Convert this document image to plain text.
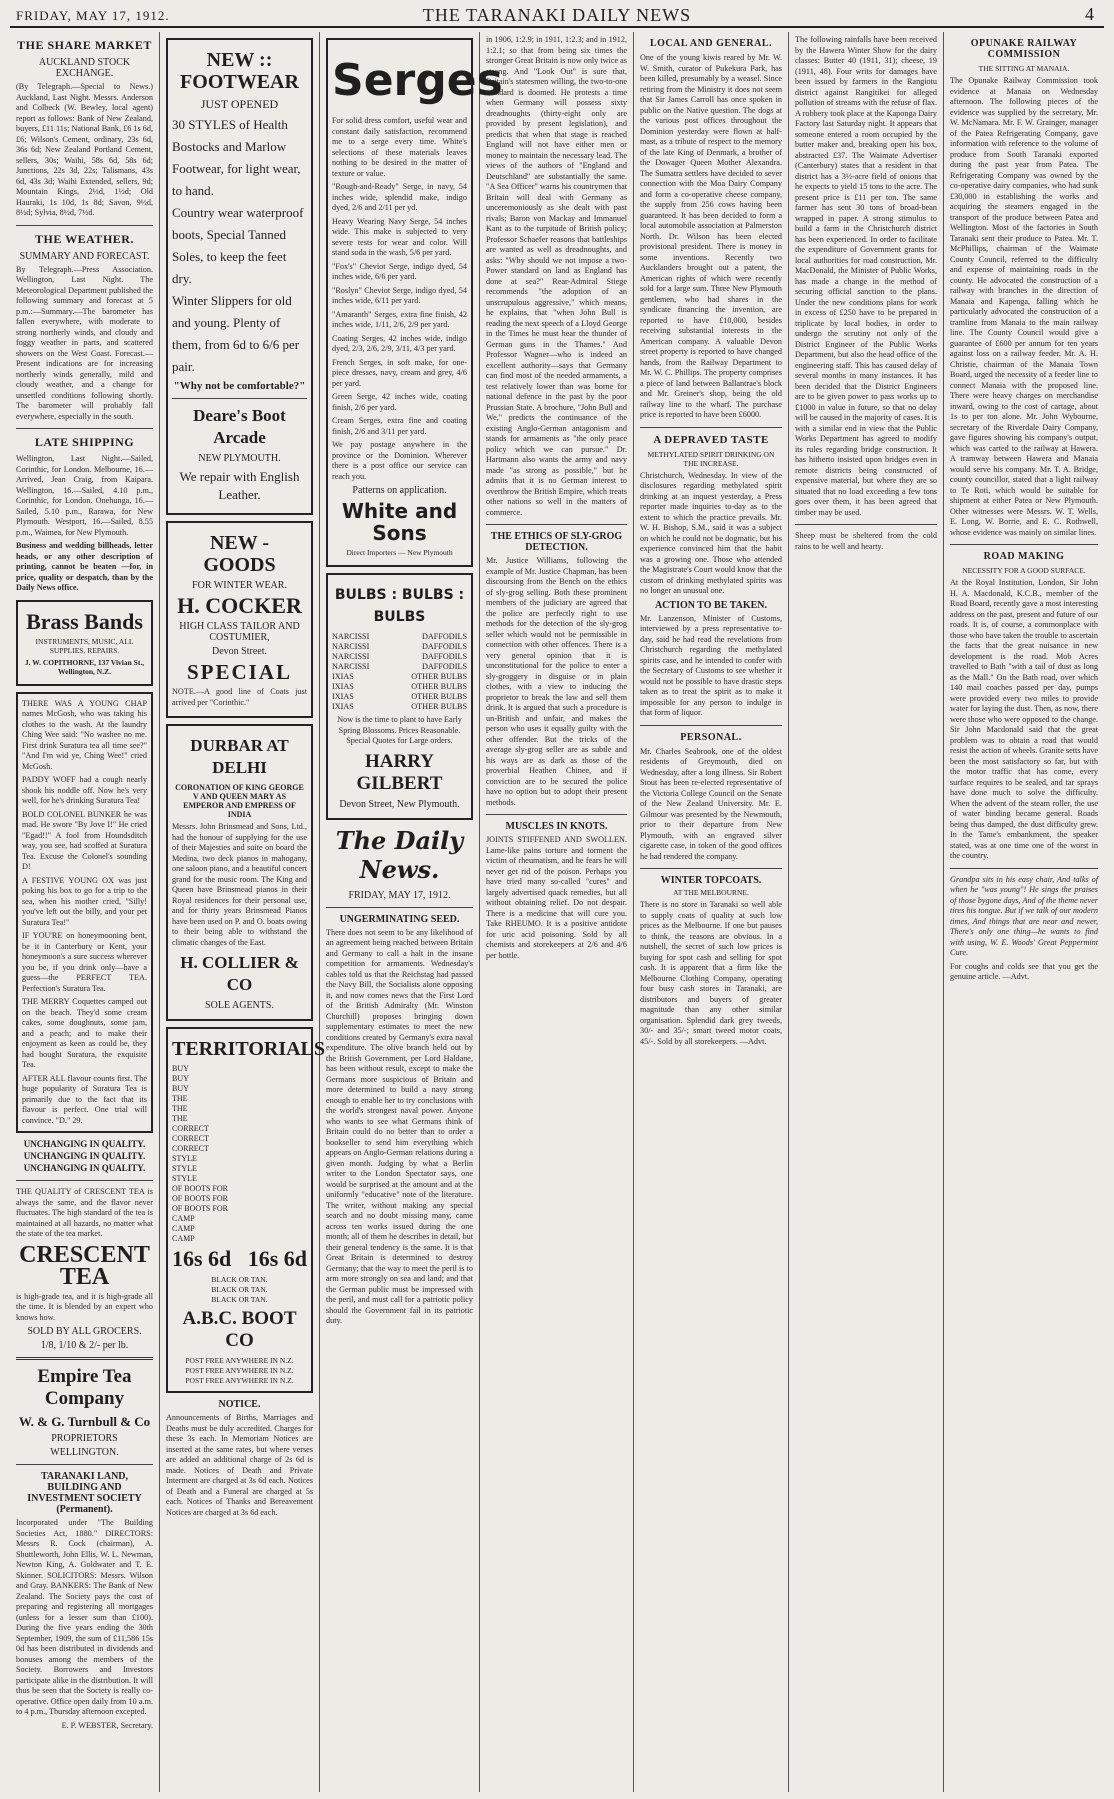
FRIDAY, MAY 17, 1912.	THE TARANAKI DAILY NEWS	4
THE SHARE MARKET
AUCKLAND STOCK EXCHANGE.

(By Telegraph.—Special to News.) Auckland, Last Night. Messrs. Anderson and Colbeck (W. Bewley, local agent) report as follows: Bank of New Zealand, buyers, £11 11s; National Bank, £6 1s 6d, £6; Wilson's Cement, ordinary, 23s 6d, 36s 6d; New Zealand Portland Cement, sellers, 30s; Waihi, 58s 6d, 58s 6d; Junctions, 22s 3d, 22s; Talismans, 43s 6d, 43s 3d; Waihi Extended, sellers, 9d; Mountain Kings, 2½d, 1½d; Old Hauraki, 1s 10d, 1s 8d; Savon, 9½d, 8½d; Sylvia, 8½d, 7½d.

THE WEATHER.
SUMMARY AND FORECAST.

By Telegraph.—Press Association. Wellington, Last Night. The Meteorological Department published the following summary and forecast at 5 p.m.:—Summary.—The barometer has fallen everywhere, with moderate to strong northerly winds, and cloudy and foggy weather in parts, and scattered showers on the West Coast. Forecast.—Present indications are for increasing northerly winds generally, mild and cloudy weather, and a change for unsettled conditions following shortly. The barometer will probably fall everywhere, especially in the south.

LATE SHIPPING

Wellington, Last Night.—Sailed, Corinthic, for London. Melbourne, 16.—Arrived, Jean Craig, from Kaipara. Wellington, 16.—Sailed, 4.10 p.m., Corinthic, for London. Onehunga, 16.—Sailed, 5.10 p.m., Rarawa, for New Plymouth. Westport, 16.—Sailed, 8.55 p.m., Waimea, for New Plymouth.

Business and wedding billheads, letter heads, or any other description of printing, cannot be beaten —for, in price, quality or despatch, than by the Daily News office.

Brass Bands
INSTRUMENTS, MUSIC, ALL SUPPLIES, REPAIRS.
J. W. COPITHORNE, 137 Vivian St., Wellington, N.Z.

THERE WAS A YOUNG CHAP names McGosh, who was taking his clothes to the wash. At the laundry Ching Wee said: "No washee no me. First drink Suratura tea all time see?" "And I'm wid ye, Ching Wee!" cried McGosh.

PADDY WOFF had a cough nearly shook his noddle off. Now he's very well, for he's drinking Suratura Tea!

BOLD COLONEL BUNKER he was mad. He swore "By Jove I!" He cried "Egad!!" A fool from Houndsditch way, you see, had scoffed at Suratura Tea. Excuse the Colonel's sounding D!

A FESTIVE YOUNG OX was just poking his box to go for a trip to the sea, when his mother cried, "Silly! you've left out the billy, and your pet Suratura Tea!"

IF YOU'RE on honeymooning bent, be it in Canterbury or Kent, your honeymoon's a sure success wherever you be, if you drink only—have a guess—the PERFECT TEA. Perfection's Suratura Tea.

THE MERRY Coquettes camped out on the beach. They'd some cream cakes, some doughnuts, some jam, and a peach; and to make their enjoyment as keen as could be, they had bought Suratura, the exquisite Tea.

AFTER ALL flavour counts first. The huge popularity of Suratura Tea is primarily due to the fact that its flavour is perfect. One trial will convince. "D." 29.

UNCHANGING IN QUALITY.
UNCHANGING IN QUALITY.
UNCHANGING IN QUALITY.

THE QUALITY of CRESCENT TEA is always the same, and the flavor never fluctuates. The high standard of the tea is maintained at all hazards, no matter what the state of the tea market.

CRESCENT TEA

is high-grade tea, and it is high-grade all the time. It is blended by an expert who knows how.

SOLD BY ALL GROCERS.
1/8, 1/10 & 2/- per lb.
Empire Tea Company
W. & G. Turnbull & Co
PROPRIETORS
WELLINGTON.
TARANAKI LAND, BUILDING AND INVESTMENT SOCIETY (Permanent).

Incorporated under "The Building Societies Act, 1880." DIRECTORS: Messrs R. Cock (chairman), A. Shuttleworth, John Ellis, W. L. Newman, Newton King, A. Goldwater and T. E. Skinner. SOLICITORS: Messrs. Wilson and Gray. BANKERS: The Bank of New Zealand. The Society pays the cost of preparing and registering all mortgages (unless for a lesser sum than £100). During the five years ending the 30th September, 1909, the sum of £11,586 15s 0d has been distributed in dividends and bonuses among the members of the Society. Borrowers and Investors participate alike in the distribution. It will thus be seen that the Society is really co-operative. Office open daily from 10 a.m. to 4 p.m., Thursday afternoon excepted.

E. P. WEBSTER, Secretary.
NEW :: FOOTWEAR
JUST OPENED
30 STYLES of Health
Bostocks and Marlow
Footwear, for light wear,
to hand.
Country wear waterproof
boots, Special Tanned
Soles, to keep the feet
dry.
Winter Slippers for old
and young. Plenty of
them, from 6d to 6/6 per
pair.
"Why not be comfortable?"
Deare's Boot Arcade
NEW PLYMOUTH.
We repair with English Leather.
NEW - GOODS
FOR WINTER WEAR.
H. COCKER
HIGH CLASS TAILOR AND COSTUMIER,
Devon Street.
SPECIAL

NOTE.—A good line of Coats just arrived per "Corinthic."

DURBAR AT DELHI
CORONATION OF KING GEORGE V AND QUEEN MARY AS EMPEROR AND EMPRESS OF INDIA

Messrs. John Brinsmead and Sons, Ltd., had the honour of supplying for the use of their Majesties and suite on board the Medina, two deck pianos in mahogany, one saloon piano, and a beautiful concert grand for the music room. The King and Queen have Brinsmead pianos in their Royal residences for their personal use, and for thirty years Brinsmead Pianos have been used on P. and O. boats owing to their being able to withstand the climatic changes of the East.

H. COLLIER & CO
SOLE AGENTS.
TERRITORIALS
BUY
BUY
BUY
THE
THE
THE
CORRECT
CORRECT
CORRECT
STYLE
STYLE
STYLE
OF BOOTS FOR
OF BOOTS FOR
OF BOOTS FOR
CAMP
CAMP
CAMP
16s 6d 16s 6d
BLACK OR TAN.
BLACK OR TAN.
BLACK OR TAN.
A.B.C. BOOT CO
POST FREE ANYWHERE IN N.Z.
POST FREE ANYWHERE IN N.Z.
POST FREE ANYWHERE IN N.Z.
NOTICE.

Announcements of Births, Marriages and Deaths must be duly accredited. Charges for these 3s each. In Memoriam Notices are inserted at the same rates, but where verses are added an additional charge of 2s 6d is made. Notices of Death and Private Interment are charged at 3s 6d each. Notices of Death and a Funeral are charged at 5s each. Notices of Thanks and Bereavement Notices are charged at 3s 6d each.

Serges

For solid dress comfort, useful wear and constant daily satisfaction, recommend me to a serge every time. White's selections of these materials leaves nothing to be desired in the matter of texture or value.

"Rough-and-Ready" Serge, in navy, 54 inches wide, splendid make, indigo dyed, 2/6 and 2/11 per yd.

Heavy Wearing Navy Serge, 54 inches wide. This make is subjected to very severe tests for wear and color. Will stand soda in the wash, 5/6 per yard.

"Fox's" Cheviot Serge, indigo dyed, 54 inches wide, 6/6 per yard.

"Roslyn" Cheviot Serge, indigo dyed, 54 inches wide, 6/11 per yard.

"Amaranth" Serges, extra fine finish, 42 inches wide, 1/11, 2/6, 2/9 per yard.

Coating Serges, 42 inches wide, indigo dyed, 2/3, 2/6, 2/9, 3/11, 4/3 per yard.

French Serges, in soft make, for one-piece dresses, navy, cream and grey, 4/6 per yard.

Green Serge, 42 inches wide, coating finish, 2/6 per yard.

Cream Serges, extra fine and coating finish, 2/6 and 3/11 per yard.

We pay postage anywhere in the province or the Dominion. Wherever there is a post office our service can reach you.

Patterns on application.
White and Sons
Direct Importers — New Plymouth
BULBS : BULBS : BULBS
NARCISSI	DAFFODILS
NARCISSI	DAFFODILS
NARCISSI	DAFFODILS
NARCISSI	DAFFODILS
IXIAS	OTHER BULBS
IXIAS	OTHER BULBS
IXIAS	OTHER BULBS
IXIAS	OTHER BULBS

Now is the time to plant to have Early Spring Blossoms. Prices Reasonable. Special Quotes for Large orders.

HARRY GILBERT
Devon Street, New Plymouth.
The Daily News.
FRIDAY, MAY 17, 1912.
UNGERMINATING SEED.

There does not seem to be any likelihood of an agreement being reached between Britain and Germany to call a halt in the insane competition for armaments. Wednesday's cables told us that the Reichstag had passed the Navy Bill, the Socialists alone opposing it, and now comes news that the First Lord of the British Admiralty (Mr. Winston Churchill) proposes bringing down supplementary estimates to meet the new conditions created by Germany's extra naval expenditure. The olive branch held out by the British Government, per Lord Haldane, has been without result, except to make the Germans more suspicious of Britain and more determined to build a navy strong enough to enable her to try conclusions with the world's strongest naval power. Anyone who wants to see what Germans think of Britain could do no better than to order a bookseller to send him everything which appears on Anglo-German relations during a given month. Judging by what a Berlin writer to the London Spectator says, one would be surprised at the amount and at the uniformly "educative" note of the literature. The writer, without making any special search and no doubt missing many, came across ten works issued during the one month; all of them he describes in detail, but their general tendency is the same. It is that Great Britain is determined to destroy Germany; that the way to meet the peril is to arm more strongly on sea and land; and that the German public must be impressed with the peril, and must call for a patriotic policy should the Government fail in its patriotic duty.

in 1906, 1:2.9; in 1911, 1:2.3; and in 1912, 1:2.1; so that from being six times the stronger Great Britain is now only twice as strong. And "Look Out" is sure that, Britain's statesmen willing, the two-to-one standard is doomed. He protests a time when Germany will possess sixty dreadnoughts (thirty-eight only are provided by present legislation), and predicts that when that stage is reached England will not have either men or money to maintain the necessary lead. The views of the authors of "England and Deutschland" are substantially the same. "A Sea Officer" warns his countrymen that Britain will deal with Germany as unceremoniously as she dealt with past rivals; Baron von Mackay and Immanuel Kant as to the turpitude of British policy; Professor Schaefer reasons that battleships are wanted as well as dreadnoughts, and asks: "Why should we not impose a two-Power standard on land as England has done at sea?" Rear-Admiral Stiege recommends "the adoption of an unscrupulous aggressive," which means, he explains, that "when John Bull is reading the next speech of a Lloyd George in the Times he must hear the thunder of German guns in the Thames." And Professor Wagner—who is indeed an excellent authority—says that Germany can find most of the needed armaments, a test relatively lower than was borne for national defence in the past by the poor Prussian State. A brochure, "John Bull and We," predicts the continuance of the existing Anglo-German antagonism and stands for armaments as "the only peace policy which we can pursue." Dr. Hartmann also wants the army and navy made "as strong as possible," but he admits that it is no German interest to overthrow the British Empire, which treats other nations so well in the matters of commerce.

THE ETHICS OF SLY-GROG DETECTION.

Mr. Justice Williams, following the example of Mr. Justice Chapman, has been discoursing from the Bench on the ethics of sly-grog selling. Both these prominent members of the judiciary are agreed that the police are perfectly right to use methods for the detection of the sly-grog seller which would not be permissible in connection with other offences. There is a very general opinion that it is unconstitutional for the police to enter a sly-groggery in disguise or in plain clothes, with a view to inducing the proprietor to break the law and sell them drink. It is argued that such a procedure is un-British and unfair, and makes the person who uses it equally guilty with the other offender. But the tricks of the average sly-grog seller are as subtle and his ways are as dark as those of the proverbial Heathen Chinee, and if conviction are to be secured the police have no option but to adopt their present methods.

MUSCLES IN KNOTS.

JOINTS STIFFENED AND SWOLLEN. Lame-like pains torture and torment the victim of rheumatism, and he fears he will never get rid of the poison. Perhaps you have tried many so-called "cures" and largely advertised quack remedies, but all without obtaining relief. Do not despair. There is a medicine that will cure you. Take RHEUMO. It is a positive antidote for uric acid poisoning. Sold by all chemists and storekeepers at 2/6 and 4/6 per bottle.

LOCAL AND GENERAL.

One of the young kiwis reared by Mr. W. W. Smith, curator of Pukekura Park, has been killed, presumably by a weasel. Since retiring from the Ministry it does not seem that Sir James Carroll has once spoken in public on the Native question. The dogs at the various post offices throughout the Dominion yesterday were flown at half-mast, as a tribute of respect to the memory of the late King of Denmark, a brother of the Dowager Queen Mother Alexandra. The Sumatra settlers have decided to sever connection with the Moa Dairy Company and form a co-operative cheese company, the supply from 256 cows having been guaranteed. It has been decided to form a local automobile association at Palmerston North. Dr. Wilson has been elected provisional president. There is money in some inventions. Recently two Aucklanders brought out a patent, the American rights of which were recently sold for a large sum. Three New Plymouth gentlemen, who had shares in the syndicate financing the invention, are reported to have £10,000, besides receiving substantial interests in the American company. A valuable Devon street property is reported to have changed hands, from the Railway Department to Mr. W. C. Phillips. The property comprises a piece of land between Ballantrae's block and Mr. Greiner's shop, being the old railway line to the wharf. The purchase price is reported to have been £6000.

A DEPRAVED TASTE
METHYLATED SPIRIT DRINKING ON THE INCREASE.

Christchurch, Wednesday. In view of the disclosures regarding methylated spirit drinking at an inquest yesterday, a Press reporter made inquiries to-day as to the extent to which the practice prevails. Mr. W. H. Bishop, S.M., said it was a subject on which he could not be dogmatic, but his experience convinced him that the habit was a growing one. Those who attended the Magistrate's Court would know that the custom of drinking methylated spirits was no longer an unusual one.

ACTION TO BE TAKEN.

Mr. Lanzenson, Minister of Customs, interviewed by a press representative to-day, said he had read the revelations from Christchurch regarding the methylated spirits case, and he intended to confer with the Secretary of Customs to see whether it would not be possible to have drastic steps taken as to treat the spirit as to make it impossible for any person to indulge in that form of liquor.

PERSONAL.

Mr. Charles Seabrook, one of the oldest residents of Greymouth, died on Wednesday, after a long illness. Sir Robert Stout has been re-elected representative of the Victoria College Council on the Senate of the New Zealand University. Mr. E. Gilmour was presented by the Newmouth, prior to their departure from New Plymouth, with an engraved silver cigarette case, in token of the good offices he had rendered the company.

WINTER TOPCOATS.
AT THE MELBOURNE.

There is no store in Taranaki so well able to supply coats of quality at such low prices as the Melbourne. If one but pauses to think, the reasons are obvious. In a nutshell, the secret of such low prices is buying for spot cash and selling for spot cash. It is apparent that a firm like the Melbourne Clothing Company, operating four busy cash stores in Taranaki, are distributors and buyers of greater magnitude than any other similar organisation. Splendid dark grey tweeds, 30/- and 35/-; smart tweed motor coats, 45/-. Sold by all storekeepers. —Advt.

The following rainfalls have been received by the Hawera Winter Show for the dairy classes: Butter 40 (1911, 31); cheese, 19 (1911, 48). Four writs for damages have been issued by farmers in the Rangiotu district against Rangitikei for alleged pollution of streams with the refuse of flax. A robbery took place at the Kaponga Dairy Factory last Saturday night. It appears that someone entered a room occupied by the butter maker and, breaking open his box, abstracted £37. The Waimate Advertiser (Canterbury) states that a resident in that district has a 3½-acre field of onions that he expects to yield 15 tons to the acre. The present price is £11 per ton. The same farmer has sent 30 tons of broad-bean wrapped in paper. A strong stimulus to build a farm in the Christchurch district has been experienced. In order to facilitate the expenditure of Government grants for local authorities for road construction, Mr. MacDonald, the Minister of Public Works, has made a change in the method of securing official sanction to the plans. Under the new conditions plans for work in excess of £250 have to be prepared in triplicate by local bodies, in order to undergo the scrutiny not only of the District Engineer of the Public Works Department, but also the head office of the engineering staff. This has caused delay of several months in many instances. It has been decided that the District Engineers are to be given power to pass works up to £1000 in value in future, so that no delay will be caused in the majority of cases. It is with a similar end in view that the Public Works Department has agreed to modify its rules regarding bridge construction. It has hitherto insisted upon bridges even in remote districts being constructed of expensive material, but where they are so situated that no load exceeding a few tons goes over them, it has been agreed that timber may be used.

Sheep must be sheltered from the cold rains to be well and hearty.

OPUNAKE RAILWAY COMMISSION
THE SITTING AT MANAIA.

The Opunake Railway Commission took evidence at Manaia on Wednesday afternoon. The following pieces of the evidence was supplied by the secretary, Mr. W. McNamara. Mr. F. W. Grainger, manager of the Patea Refrigerating Company, gave information with reference to the volume of produce from South Taranaki exported during the past year from Patea. The Refrigerating Company was owned by the co-operative dairy companies, who had sunk £30,000 in establishing the works and acquiring the steamers engaged in the transport of the produce between Patea and Wellington. Most of the factories in South Taranaki sent their produce to Patea. Mr. T. McPhillips, chairman of the Waimate County Council, referred to the difficulty and expense of maintaining roads in the county. He advocated the construction of a railway with branches in the direction of Manaia and Kapenga, falling which he particularly advocated the construction of a tramline from Manaia to the main railway line. The County Council would give a guarantee of £600 per annum for ten years against loss on a railway feeder. Mr. A. H. Christie, chairman of the Manaia Town Board, urged the necessity of a feeder line to connect Manaia with the proposed line. There were heavy charges on merchandise inward, owing to the cost of cartage, about 1s to per ton alone. Mr. John Wybourne, secretary of the Riverdale Dairy Company, gave figures showing his company's output, which was carted to the railway at Hawera. A tramway between Hawera and Manaia would serve his company. Mr. T. A. Bridge, county councillor, stated that a light railway to Te Roti, which would be suitable for shipment at either Patea or New Plymouth. Other witnesses were Messrs. W. T. Wells, E. Long, W. Borrie, and E. C. Rothwell, whose evidence was mainly on similar lines.

ROAD MAKING
NECESSITY FOR A GOOD SURFACE.

At the Royal Institution, London, Sir John H. A. Macdonald, K.C.B., member of the Road Board, recently gave a most interesting address on the past, present and future of our roads. It is, of course, a commonplace with those who have taken the trouble to ascertain the facts that the great nuisance in new development is the road. Mob Acres travelled to Bath "with a tail of dust as long as the Mall." On the Bath road, over which 140 mail coaches passed per day, pumps were provided every two miles to provide water for laying the dust. Then, as now, there were those who were opposed to the change. Sir John Macdonald said that the great problem was to obtain a road that would resist the action of wheels. Granite setts have been the most satisfactory so far, but with the motor traffic that has come, every surface requires to be sealed, and tar sprays have done much to solve the difficulty. When the advent of the steam roller, the use of water binding became general. Roads being thus damped, the dust difficulty grew. In the Tame's embankment, the speaker stated, was at one time one of the worst in the country.

Grandpa sits in his easy chair, And talks of when he "was young"! He sings the praises of those bygone days, And of the theme never tires his tongue. But if we talk of our modern times, And things that are near and newer, There's only one thing—he wants to find with using, W. E. Woods' Great Peppermint Cure.

For coughs and colds see that you get the genuine article. —Advt.
